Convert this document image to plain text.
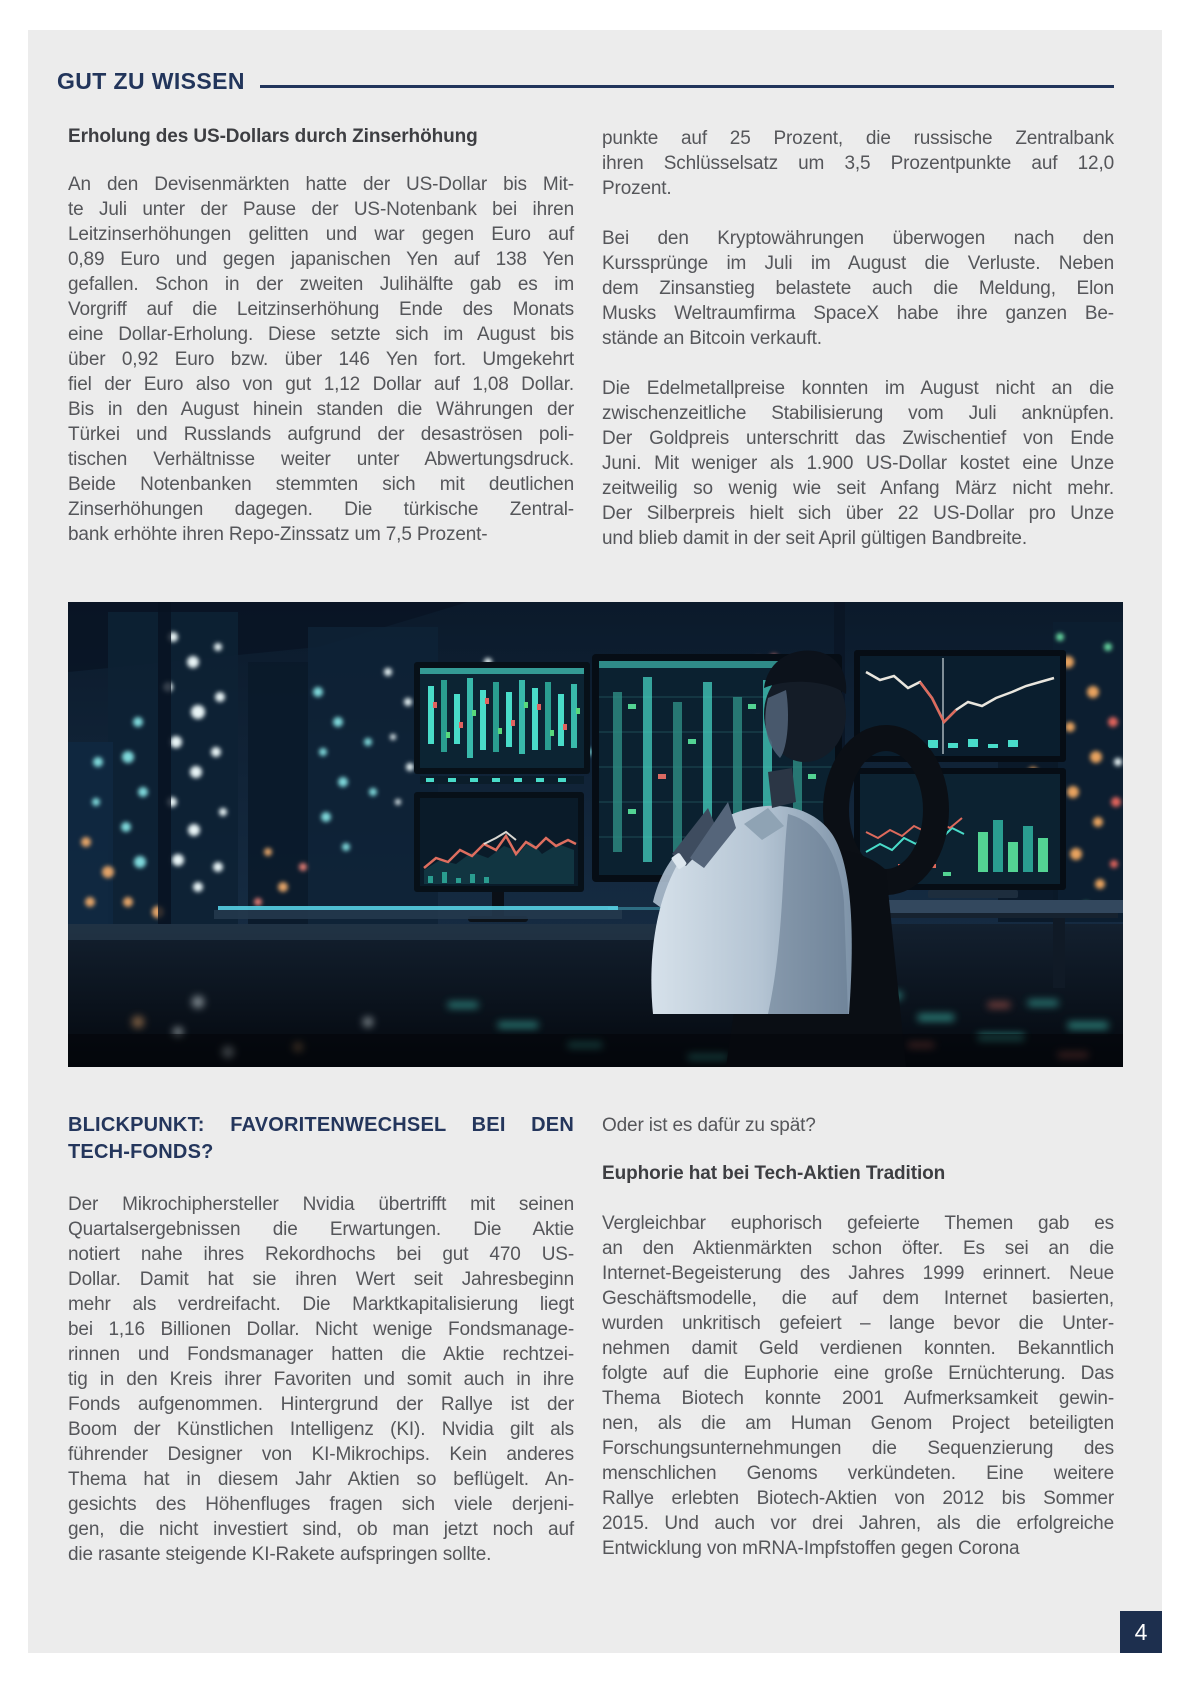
GUT ZU WISSEN
Erholung des US-Dollars durch Zinserhöhung
An den Devisenmärkten hatte der US-Dollar bis Mit-
te Juli unter der Pause der US-Notenbank bei ihren
Leitzinserhöhungen gelitten und war gegen Euro auf
0,89 Euro und gegen japanischen Yen auf 138 Yen
gefallen. Schon in der zweiten Julihälfte gab es im
Vorgriff auf die Leitzinserhöhung Ende des Monats
eine Dollar-Erholung. Diese setzte sich im August bis
über 0,92 Euro bzw. über 146 Yen fort. Umgekehrt
fiel der Euro also von gut 1,12 Dollar auf 1,08 Dollar.
Bis in den August hinein standen die Währungen der
Türkei und Russlands aufgrund der desaströsen poli-
tischen Verhältnisse weiter unter Abwertungsdruck.
Beide Notenbanken stemmten sich mit deutlichen
Zinserhöhungen dagegen. Die türkische Zentral-
bank erhöhte ihren Repo-Zinssatz um 7,5 Prozent-
punkte auf 25 Prozent, die russische Zentralbank
ihren Schlüsselsatz um 3,5 Prozentpunkte auf 12,0
Prozent.
Bei den Kryptowährungen überwogen nach den
Kurssprünge im Juli im August die Verluste. Neben
dem Zinsanstieg belastete auch die Meldung, Elon
Musks Weltraumfirma SpaceX habe ihre ganzen Be-
stände an Bitcoin verkauft.
Die Edelmetallpreise konnten im August nicht an die
zwischenzeitliche Stabilisierung vom Juli anknüpfen.
Der Goldpreis unterschritt das Zwischentief von Ende
Juni. Mit weniger als 1.900 US-Dollar kostet eine Unze
zeitweilig so wenig wie seit Anfang März nicht mehr.
Der Silberpreis hielt sich über 22 US-Dollar pro Unze
und blieb damit in der seit April gültigen Bandbreite.
BLICKPUNKT: FAVORITENWECHSEL BEI DEN
TECH-FONDS?
Der Mikrochiphersteller Nvidia übertrifft mit seinen
Quartalsergebnissen die Erwartungen. Die Aktie
notiert nahe ihres Rekordhochs bei gut 470 US-
Dollar. Damit hat sie ihren Wert seit Jahresbeginn
mehr als verdreifacht. Die Marktkapitalisierung liegt
bei 1,16 Billionen Dollar. Nicht wenige Fondsmanage-
rinnen und Fondsmanager hatten die Aktie rechtzei-
tig in den Kreis ihrer Favoriten und somit auch in ihre
Fonds aufgenommen. Hintergrund der Rallye ist der
Boom der Künstlichen Intelligenz (KI). Nvidia gilt als
führender Designer von KI-Mikrochips. Kein anderes
Thema hat in diesem Jahr Aktien so beflügelt. An-
gesichts des Höhenfluges fragen sich viele derjeni-
gen, die nicht investiert sind, ob man jetzt noch auf
die rasante steigende KI-Rakete aufspringen sollte.

Oder ist es dafür zu spät?

Euphorie hat bei Tech-Aktien Tradition
Vergleichbar euphorisch gefeierte Themen gab es
an den Aktienmärkten schon öfter. Es sei an die
Internet-Begeisterung des Jahres 1999 erinnert. Neue
Geschäftsmodelle, die auf dem Internet basierten,
wurden unkritisch gefeiert – lange bevor die Unter-
nehmen damit Geld verdienen konnten. Bekanntlich
folgte auf die Euphorie eine große Ernüchterung. Das
Thema Biotech konnte 2001 Aufmerksamkeit gewin-
nen, als die am Human Genom Project beteiligten
Forschungsunternehmungen die Sequenzierung des
menschlichen Genoms verkündeten. Eine weitere
Rallye erlebten Biotech-Aktien von 2012 bis Sommer
2015. Und auch vor drei Jahren, als die erfolgreiche
Entwicklung von mRNA-Impfstoffen gegen Corona
4
